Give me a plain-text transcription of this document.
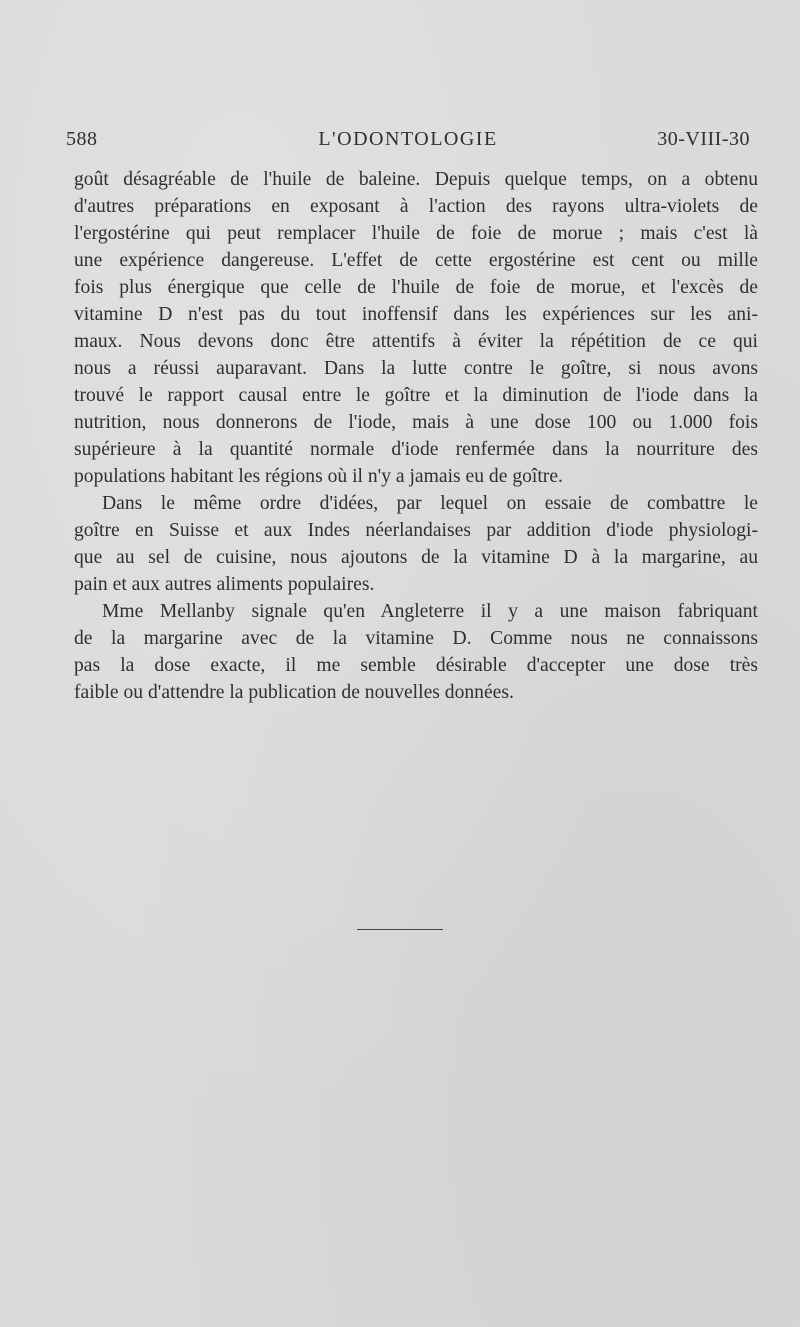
588	L'ODONTOLOGIE	30-VIII-30

goût désagréable de l'huile de baleine. Depuis quelque temps, on a obtenu
d'autres préparations en exposant à l'action des rayons ultra-violets de
l'ergostérine qui peut remplacer l'huile de foie de morue ; mais c'est là
une expérience dangereuse. L'effet de cette ergostérine est cent ou mille
fois plus énergique que celle de l'huile de foie de morue, et l'excès de
vitamine D n'est pas du tout inoffensif dans les expériences sur les ani-
maux. Nous devons donc être attentifs à éviter la répétition de ce qui
nous a réussi auparavant. Dans la lutte contre le goître, si nous avons
trouvé le rapport causal entre le goître et la diminution de l'iode dans la
nutrition, nous donnerons de l'iode, mais à une dose 100 ou 1.000 fois
supérieure à la quantité normale d'iode renfermée dans la nourriture des
populations habitant les régions où il n'y a jamais eu de goître.

Dans le même ordre d'idées, par lequel on essaie de combattre le
goître en Suisse et aux Indes néerlandaises par addition d'iode physiologi-
que au sel de cuisine, nous ajoutons de la vitamine D à la margarine, au
pain et aux autres aliments populaires.

Mme Mellanby signale qu'en Angleterre il y a une maison fabriquant
de la margarine avec de la vitamine D. Comme nous ne connaissons
pas la dose exacte, il me semble désirable d'accepter une dose très
faible ou d'attendre la publication de nouvelles données.
